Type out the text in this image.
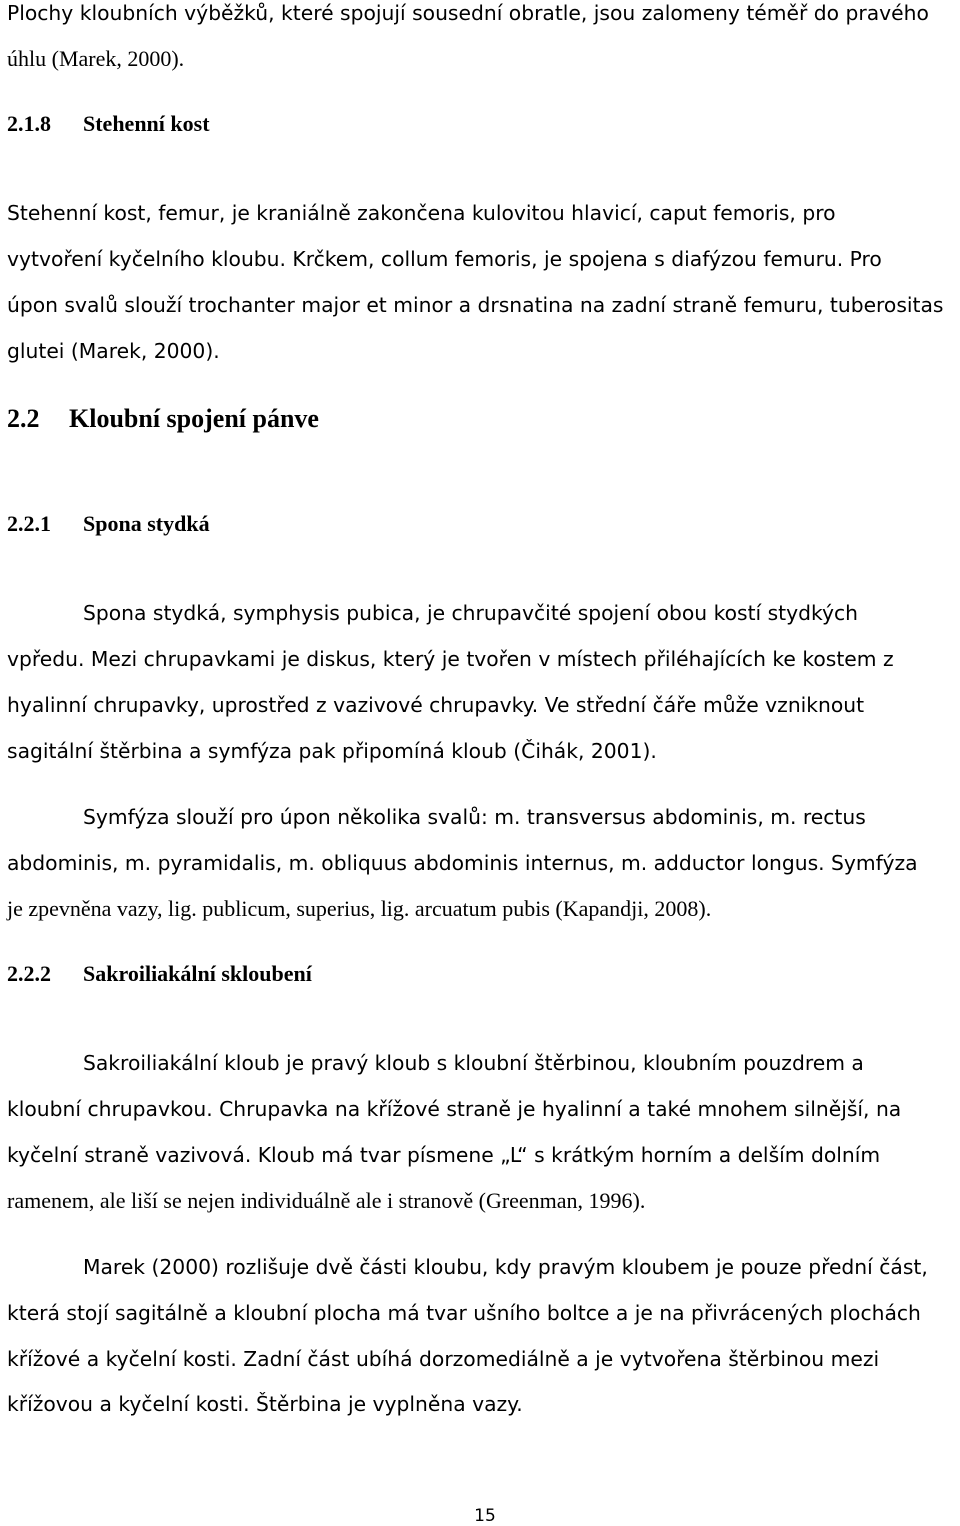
Plochy kloubních výběžků, které spojují sousední obratle, jsou zalomeny téměř do pravého
úhlu (Marek, 2000).
2.1.8 Stehenní kost
Stehenní kost, femur, je kraniálně zakončena kulovitou hlavicí, caput femoris, pro
vytvoření kyčelního kloubu. Krčkem, collum femoris, je spojena s diafýzou femuru. Pro
úpon svalů slouží trochanter major et minor a drsnatina na zadní straně femuru, tuberositas
glutei (Marek, 2000).
2.2 Kloubní spojení pánve
2.2.1 Spona stydká
Spona stydká, symphysis pubica, je chrupavčité spojení obou kostí stydkých
vpředu. Mezi chrupavkami je diskus, který je tvořen v místech přiléhajících ke kostem z
hyalinní chrupavky, uprostřed z vazivové chrupavky. Ve střední čáře může vzniknout
sagitální štěrbina a symfýza pak připomíná kloub (Čihák, 2001).
Symfýza slouží pro úpon několika svalů: m. transversus abdominis, m. rectus
abdominis, m. pyramidalis, m. obliquus abdominis internus, m. adductor longus. Symfýza
je zpevněna vazy, lig. publicum, superius, lig. arcuatum pubis (Kapandji, 2008).
2.2.2 Sakroiliakální skloubení
Sakroiliakální kloub je pravý kloub s kloubní štěrbinou, kloubním pouzdrem a
kloubní chrupavkou. Chrupavka na křížové straně je hyalinní a také mnohem silnější, na
kyčelní straně vazivová. Kloub má tvar písmene „L“ s krátkým horním a delším dolním
ramenem, ale liší se nejen individuálně ale i stranově (Greenman, 1996).
Marek (2000) rozlišuje dvě části kloubu, kdy pravým kloubem je pouze přední část,
která stojí sagitálně a kloubní plocha má tvar ušního boltce a je na přivrácených plochách
křížové a kyčelní kosti. Zadní část ubíhá dorzomediálně a je vytvořena štěrbinou mezi
křížovou a kyčelní kosti. Štěrbina je vyplněna vazy.
15
